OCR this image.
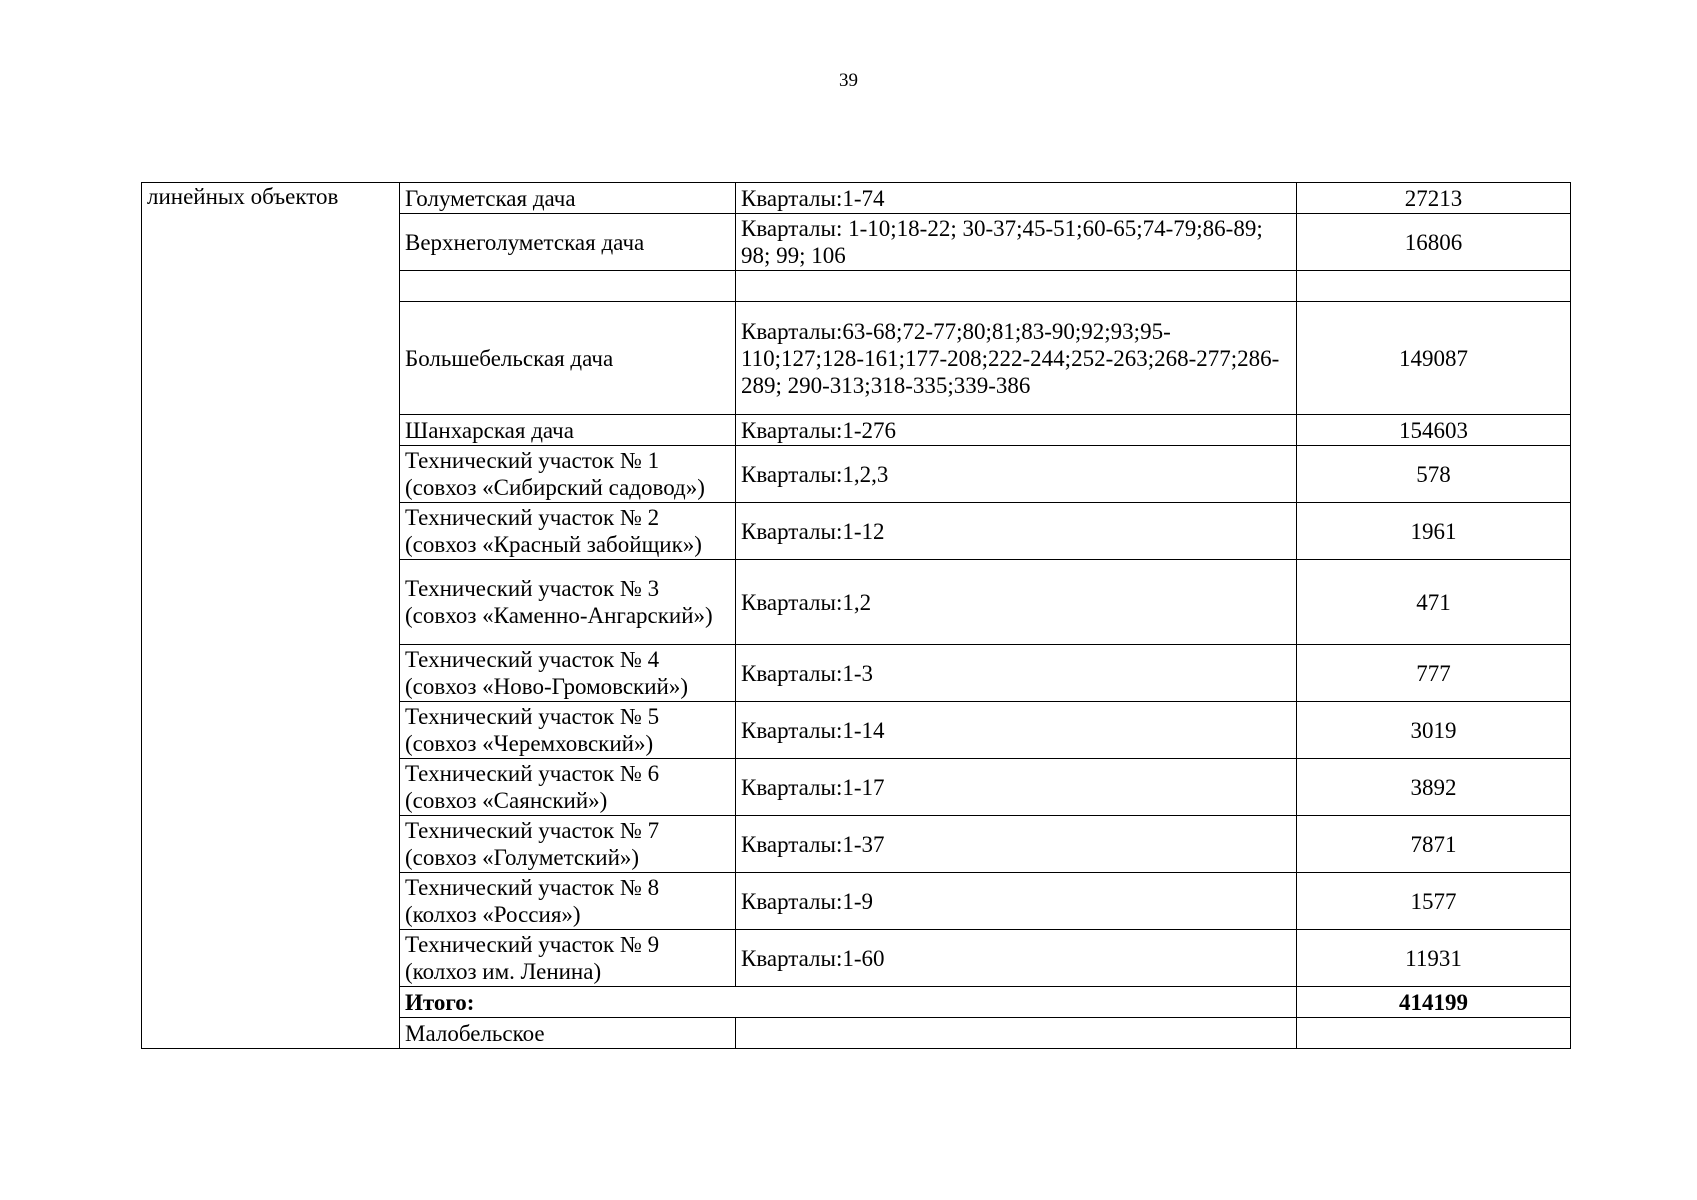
39
линейных объектов	Голуметская дача	Кварталы:1-74	27213
	Верхнеголуметская дача	Кварталы: 1-10;18-22; 30-37;45-51;60-65;74-79;86-89; 98; 99; 106	16806

	Большебельская дача	Кварталы:63-68;72-77;80;81;83-90;92;93;95-110;127;128-161;177-208;222-244;252-263;268-277;286-289; 290-313;318-335;339-386	149087
	Шанхарская дача	Кварталы:1-276	154603
	Технический участок № 1 (совхоз «Сибирский садовод»)	Кварталы:1,2,3	578
	Технический участок № 2 (совхоз «Красный забойщик»)	Кварталы:1-12	1961
	Технический участок № 3 (совхоз «Каменно-Ангарский»)	Кварталы:1,2	471
	Технический участок № 4 (совхоз «Ново-Громовский»)	Кварталы:1-3	777
	Технический участок № 5 (совхоз «Черемховский»)	Кварталы:1-14	3019
	Технический участок № 6 (совхоз «Саянский»)	Кварталы:1-17	3892
	Технический участок № 7 (совхоз «Голуметский»)	Кварталы:1-37	7871
	Технический участок № 8 (колхоз «Россия»)	Кварталы:1-9	1577
	Технический участок № 9 (колхоз им. Ленина)	Кварталы:1-60	11931
	Итого:		414199
	Малобельское		
